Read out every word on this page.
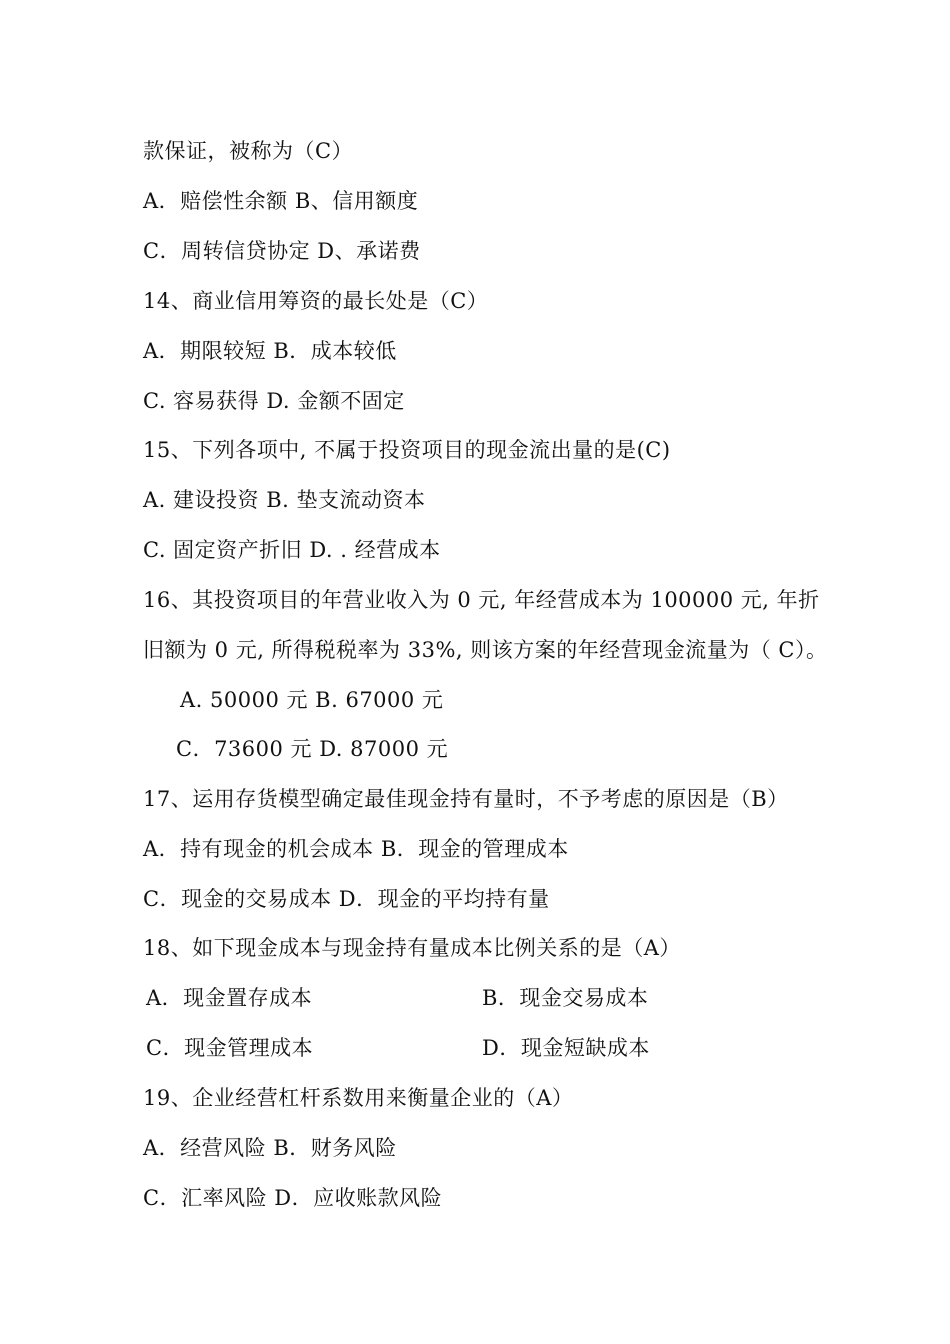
款保证，被称为（C）
A．赔偿性余额 B、信用额度
C．周转信贷协定 D、承诺费
14、商业信用筹资的最长处是（C）
A．期限较短 B．成本较低
C. 容易获得 D. 金额不固定
15、下列各项中, 不属于投资项目的现金流出量的是(C)
A. 建设投资 B. 垫支流动资本
C. 固定资产折旧 D. . 经营成本
16、其投资项目的年营业收入为 0 元, 年经营成本为 100000 元, 年折
旧额为 0 元, 所得税税率为 33%, 则该方案的年经营现金流量为（ C）。
A. 50000 元 B. 67000 元
C．73600 元 D. 87000 元
17、运用存货模型确定最佳现金持有量时，不予考虑的原因是（B）
A．持有现金的机会成本 B．现金的管理成本
C．现金的交易成本 D．现金的平均持有量
18、如下现金成本与现金持有量成本比例关系的是（A）
A．现金置存成本	B．现金交易成本
C．现金管理成本	D．现金短缺成本
19、企业经营杠杆系数用来衡量企业的（A）
A．经营风险 B．财务风险
C．汇率风险 D．应收账款风险
